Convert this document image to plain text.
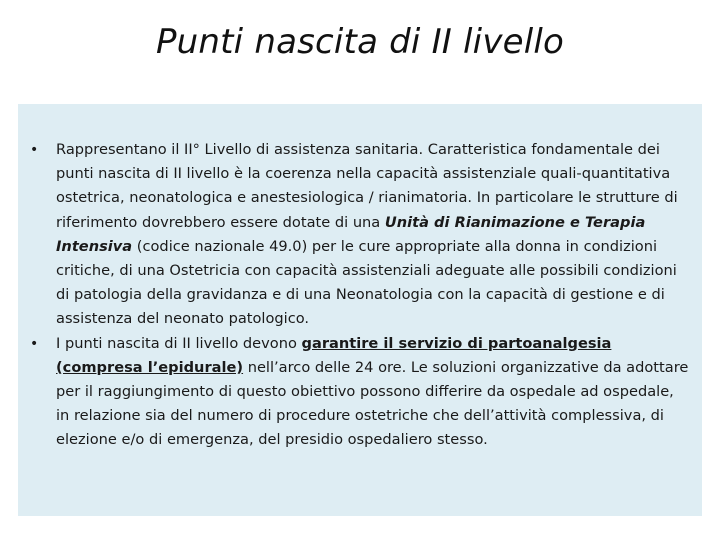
Punti nascita di II livello
• Rappresentano il II° Livello di assistenza sanitaria. Caratteristica fondamentale dei punti nascita di II livello è la coerenza nella capacità assistenziale quali-quantitativa ostetrica, neonatologica e anestesiologica / rianimatoria. In particolare le strutture di riferimento dovrebbero essere dotate di una Unità di Rianimazione e Terapia Intensiva (codice nazionale 49.0) per le cure appropriate alla donna in condizioni critiche, di una Ostetricia con capacità assistenziali adeguate alle possibili condizioni di patologia della gravidanza e di una Neonatologia con la capacità di gestione e di assistenza del neonato patologico.
• I punti nascita di II livello devono garantire il servizio di partoanalgesia (compresa l’epidurale) nell’arco delle 24 ore. Le soluzioni organizzative da adottare per il raggiungimento di questo obiettivo possono differire da ospedale ad ospedale, in relazione sia del numero di procedure ostetriche che dell’attività complessiva, di elezione e/o di emergenza, del presidio ospedaliero stesso.
